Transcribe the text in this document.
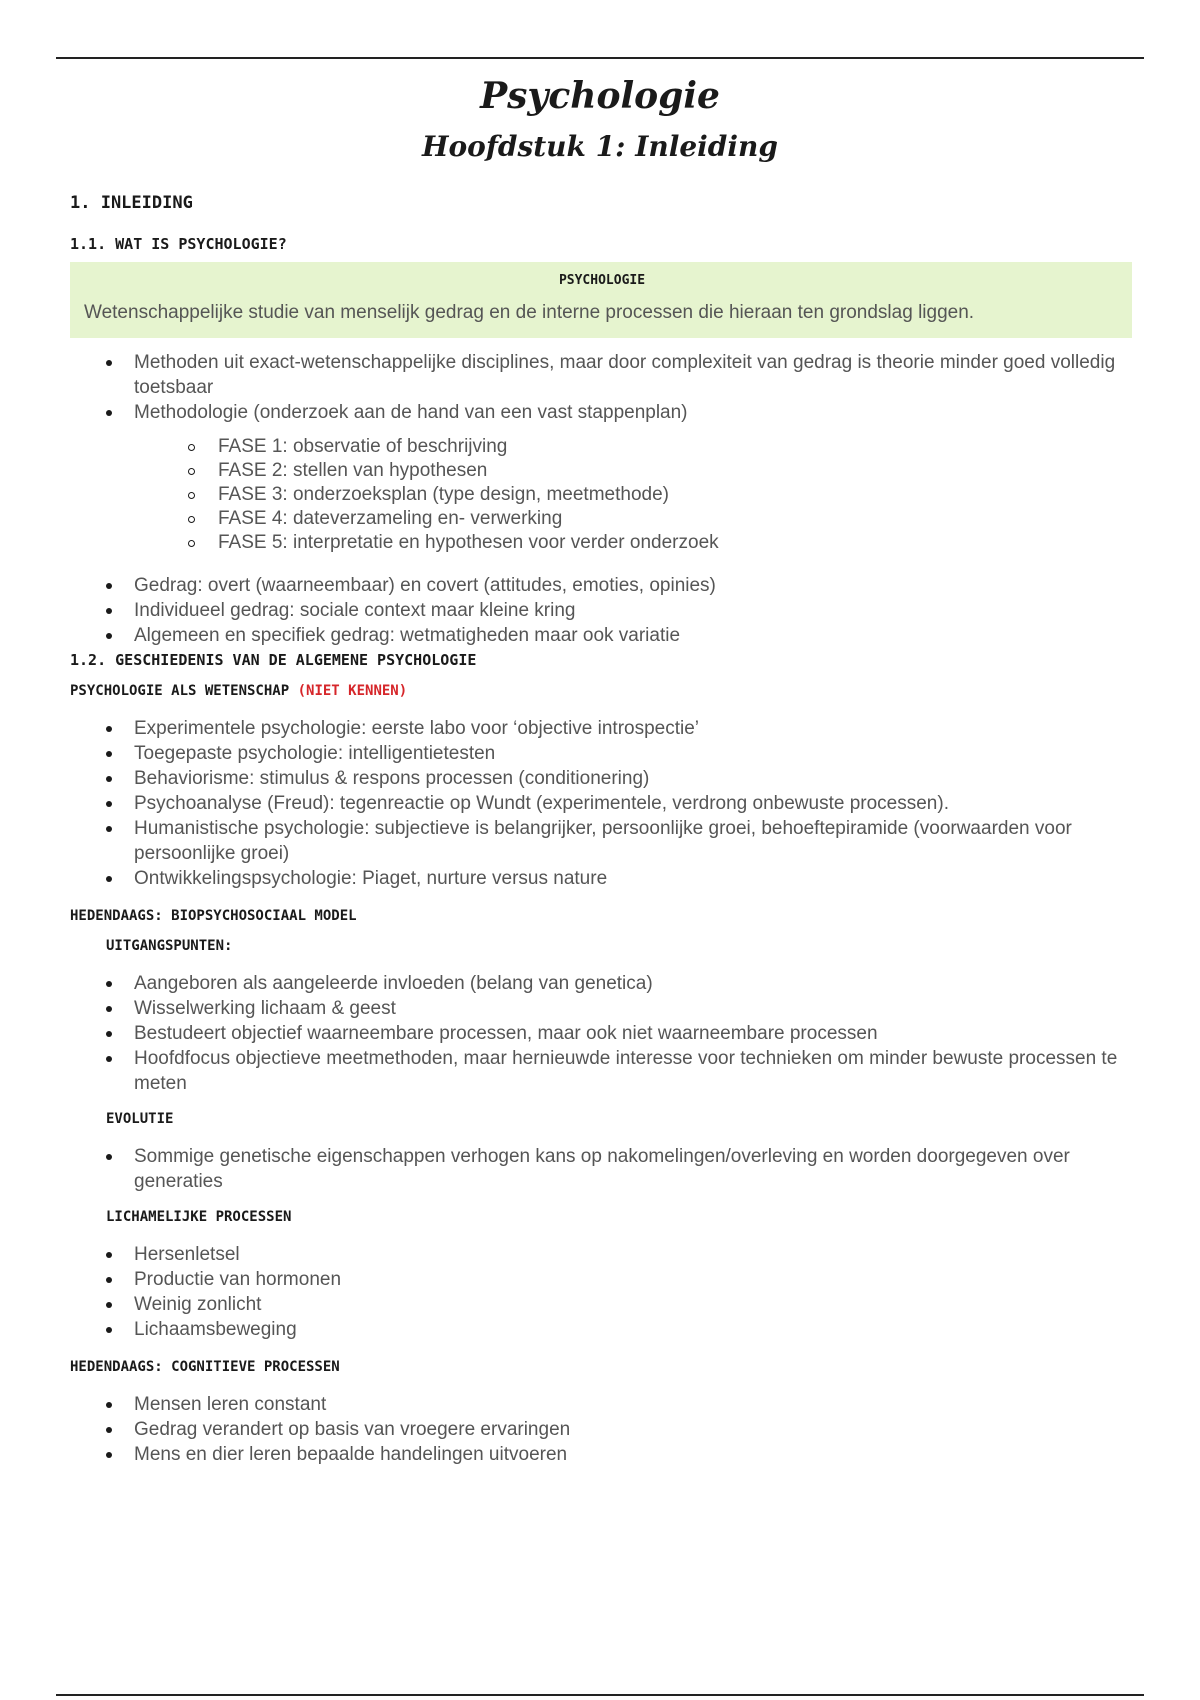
Psychologie
Hoofdstuk 1: Inleiding
1. INLEIDING
1.1. WAT IS PSYCHOLOGIE?
PSYCHOLOGIE
Wetenschappelijke studie van menselijk gedrag en de interne processen die hieraan ten grondslag liggen.
Methoden uit exact-wetenschappelijke disciplines, maar door complexiteit van gedrag is theorie minder goed volledig toetsbaar
Methodologie (onderzoek aan de hand van een vast stappenplan)
FASE 1: observatie of beschrijving
FASE 2: stellen van hypothesen
FASE 3: onderzoeksplan (type design, meetmethode)
FASE 4: dateverzameling en- verwerking
FASE 5: interpretatie en hypothesen voor verder onderzoek
Gedrag: overt (waarneembaar) en covert (attitudes, emoties, opinies)
Individueel gedrag: sociale context maar kleine kring
Algemeen en specifiek gedrag: wetmatigheden maar ook variatie
1.2. GESCHIEDENIS VAN DE ALGEMENE PSYCHOLOGIE
PSYCHOLOGIE ALS WETENSCHAP (NIET KENNEN)
Experimentele psychologie: eerste labo voor ‘objective introspectie’
Toegepaste psychologie: intelligentietesten
Behaviorisme: stimulus & respons processen (conditionering)
Psychoanalyse (Freud): tegenreactie op Wundt (experimentele, verdrong onbewuste processen).
Humanistische psychologie: subjectieve is belangrijker, persoonlijke groei, behoeftepiramide (voorwaarden voor persoonlijke groei)
Ontwikkelingspsychologie: Piaget, nurture versus nature
HEDENDAAGS: BIOPSYCHOSOCIAAL MODEL
UITGANGSPUNTEN:
Aangeboren als aangeleerde invloeden (belang van genetica)
Wisselwerking lichaam & geest
Bestudeert objectief waarneembare processen, maar ook niet waarneembare processen
Hoofdfocus objectieve meetmethoden, maar hernieuwde interesse voor technieken om minder bewuste processen te meten
EVOLUTIE
Sommige genetische eigenschappen verhogen kans op nakomelingen/overleving en worden doorgegeven over generaties
LICHAMELIJKE PROCESSEN
Hersenletsel
Productie van hormonen
Weinig zonlicht
Lichaamsbeweging
HEDENDAAGS: COGNITIEVE PROCESSEN
Mensen leren constant
Gedrag verandert op basis van vroegere ervaringen
Mens en dier leren bepaalde handelingen uitvoeren
